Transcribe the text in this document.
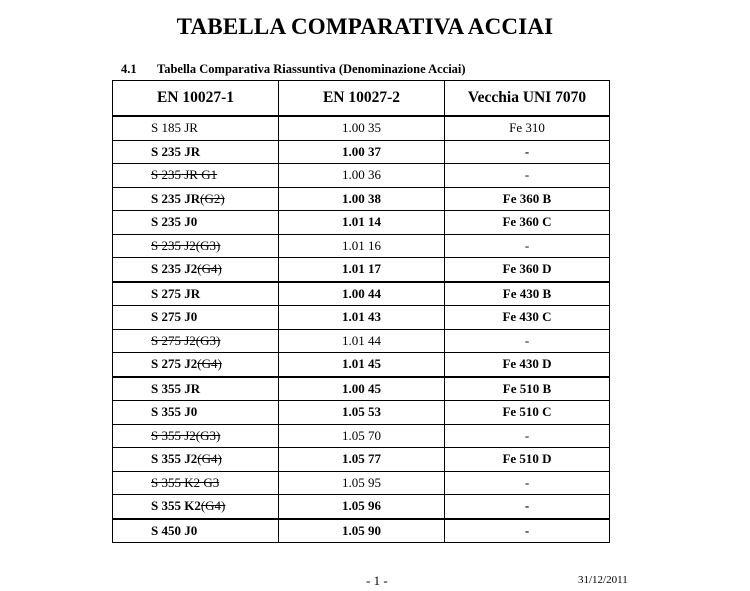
TABELLA COMPARATIVA ACCIAI
4.1 Tabella Comparativa Riassuntiva (Denominazione Acciai)
EN 10027-1	EN 10027-2	Vecchia UNI 7070
S 185 JR	1.00 35	Fe 310
S 235 JR	1.00 37	-
S 235 JR G1	1.00 36	-
S 235 JR(G2)	1.00 38	Fe 360 B
S 235 J0	1.01 14	Fe 360 C
S 235 J2(G3)	1.01 16	-
S 235 J2(G4)	1.01 17	Fe 360 D
S 275 JR	1.00 44	Fe 430 B
S 275 J0	1.01 43	Fe 430 C
S 275 J2(G3)	1.01 44	-
S 275 J2(G4)	1.01 45	Fe 430 D
S 355 JR	1.00 45	Fe 510 B
S 355 J0	1.05 53	Fe 510 C
S 355 J2(G3)	1.05 70	-
S 355 J2(G4)	1.05 77	Fe 510 D
S 355 K2 G3	1.05 95	-
S 355 K2(G4)	1.05 96	-
S 450 J0	1.05 90	-
- 1 -	31/12/2011
